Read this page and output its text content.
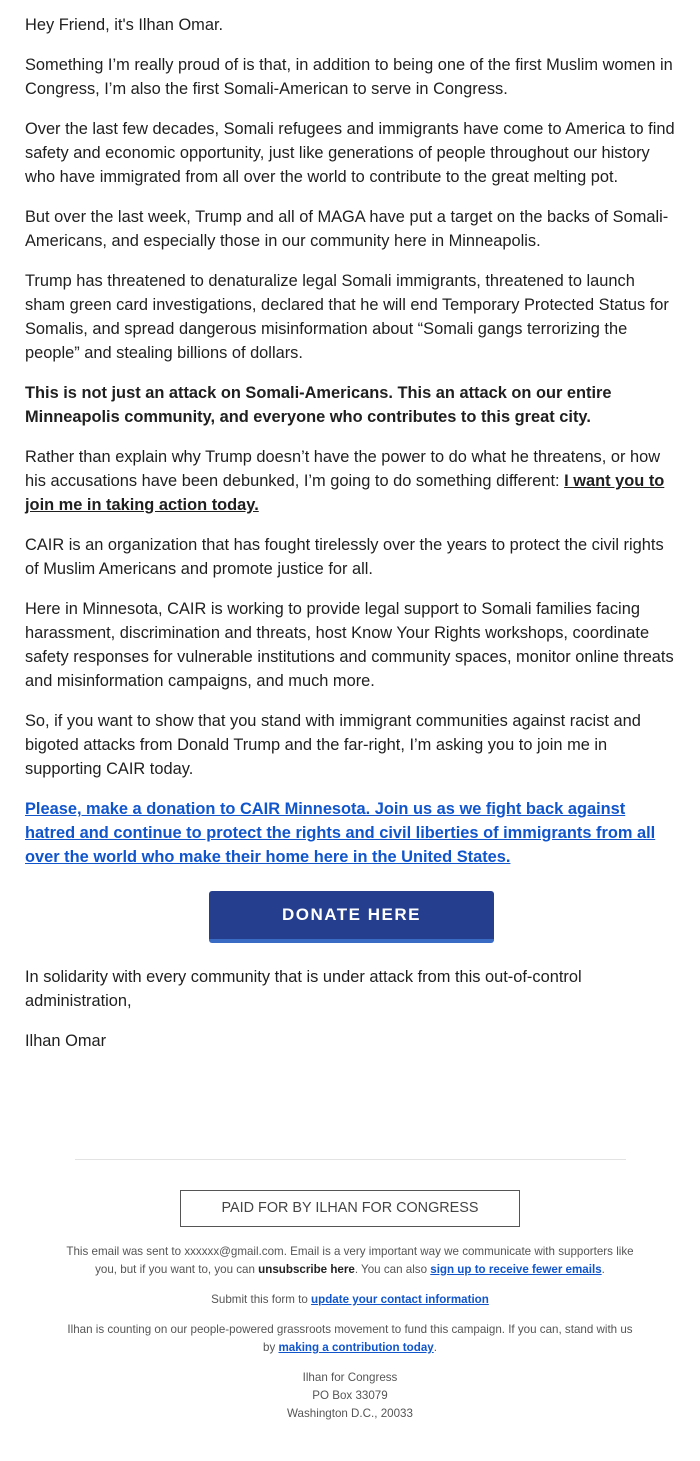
Hey Friend, it's Ilhan Omar.

Something I’m really proud of is that, in addition to being one of the first Muslim women in Congress, I’m also the first Somali-American to serve in Congress.

Over the last few decades, Somali refugees and immigrants have come to America to find safety and economic opportunity, just like generations of people throughout our history who have immigrated from all over the world to contribute to the great melting pot.

But over the last week, Trump and all of MAGA have put a target on the backs of Somali-Americans, and especially those in our community here in Minneapolis.

Trump has threatened to denaturalize legal Somali immigrants, threatened to launch sham green card investigations, declared that he will end Temporary Protected Status for Somalis, and spread dangerous misinformation about “Somali gangs terrorizing the people” and stealing billions of dollars.

This is not just an attack on Somali-Americans. This an attack on our entire Minneapolis community, and everyone who contributes to this great city.

Rather than explain why Trump doesn’t have the power to do what he threatens, or how his accusations have been debunked, I’m going to do something different: I want you to join me in taking action today.

CAIR is an organization that has fought tirelessly over the years to protect the civil rights of Muslim Americans and promote justice for all.

Here in Minnesota, CAIR is working to provide legal support to Somali families facing harassment, discrimination and threats, host Know Your Rights workshops, coordinate safety responses for vulnerable institutions and community spaces, monitor online threats and misinformation campaigns, and much more.

So, if you want to show that you stand with immigrant communities against racist and bigoted attacks from Donald Trump and the far-right, I’m asking you to join me in supporting CAIR today.

Please, make a donation to CAIR Minnesota. Join us as we fight back against hatred and continue to protect the rights and civil liberties of immigrants from all over the world who make their home here in the United States.

DONATE HERE

In solidarity with every community that is under attack from this out-of-control administration,

Ilhan Omar

PAID FOR BY ILHAN FOR CONGRESS

This email was sent to xxxxxx@gmail.com. Email is a very important way we communicate with supporters like you, but if you want to, you can unsubscribe here. You can also sign up to receive fewer emails.

Submit this form to update your contact information

Ilhan is counting on our people-powered grassroots movement to fund this campaign. If you can, stand with us by making a contribution today.

Ilhan for Congress

PO Box 33079

Washington D.C., 20033
